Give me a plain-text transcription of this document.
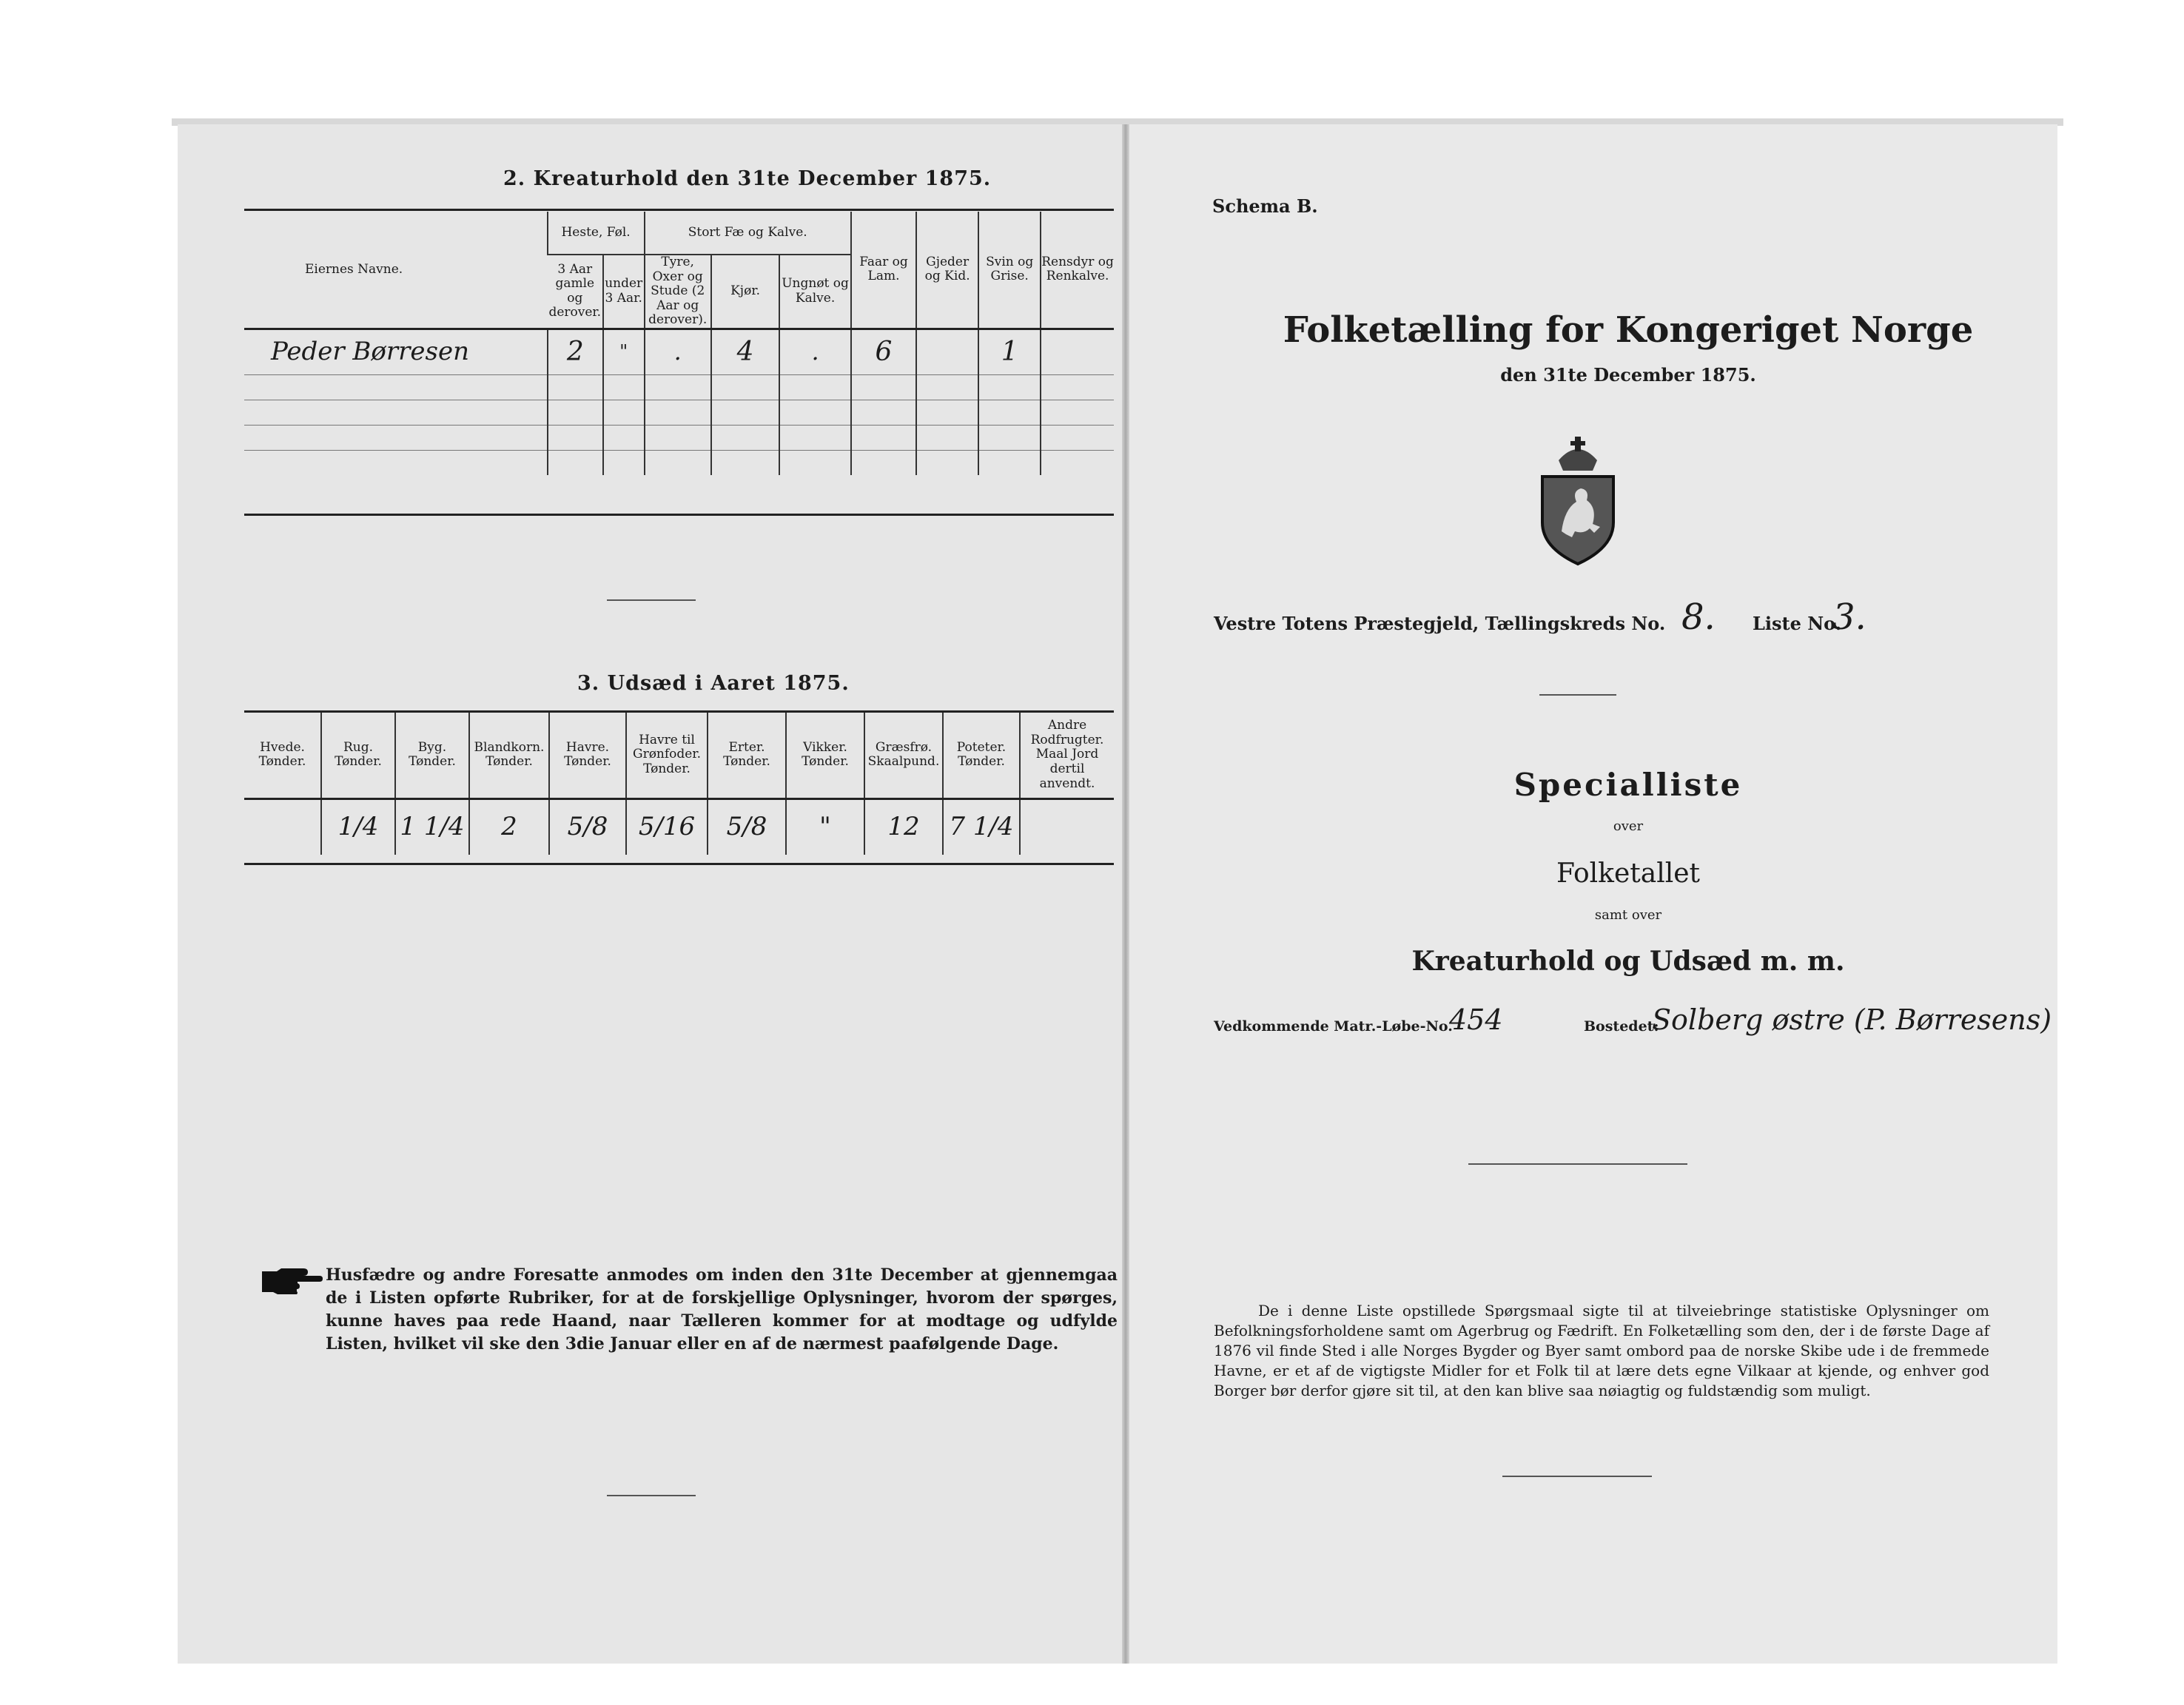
2. Kreaturhold den 31te December 1875.
Eiernes Navne.	Heste, Føl.		Stort Fæ og Kalve.			Faar og Lam.	Gjeder og Kid.	Svin og Grise.	Rensdyr og Renkalve.
	3 Aar gamle og derover.	under 3 Aar.	Tyre, Oxer og Stude (2 Aar og derover).	Kjør.	Ungnøt og Kalve.				
Peder Børresen	2	"	.	4	.	6		1	

3. Udsæd i Aaret 1875.
Hvede. Tønder.	Rug. Tønder.	Byg. Tønder.	Blandkorn. Tønder.	Havre. Tønder.	Havre til Grønfoder. Tønder.	Erter. Tønder.	Vikker. Tønder.	Græsfrø. Skaalpund.	Poteter. Tønder.	Andre Rodfrugter. Maal Jord dertil anvendt.
	1/4	1 1/4	2	5/8	5/16	5/8	"	12	7 1/4	
Husfædre og andre Foresatte anmodes om inden den 31te December at gjennemgaa de i Listen opførte Rubriker, for at de forskjellige Oplysninger, hvorom der spørges, kunne haves paa rede Haand, naar Tælleren kommer for at modtage og udfylde Listen, hvilket vil ske den 3die Januar eller en af de nærmest paafølgende Dage.
Schema B.
Folketælling for Kongeriget Norge
den 31te December 1875.
Vestre Totens Præstegjeld, Tællingskreds No. 8. Liste No.
3.
Specialliste
over
Folketallet
samt over
Kreaturhold og Udsæd m. m.
Vedkommende Matr.-Løbe-No.
454	Bostedet:
Solberg østre (P. Børresens)
De i denne Liste opstillede Spørgsmaal sigte til at tilveiebringe statistiske Oplysninger om Befolkningsforholdene samt om Agerbrug og Fædrift. En Folketælling som den, der i de første Dage af 1876 vil finde Sted i alle Norges Bygder og Byer samt ombord paa de norske Skibe ude i de fremmede Havne, er et af de vigtigste Midler for et Folk til at lære dets egne Vilkaar at kjende, og enhver god Borger bør derfor gjøre sit til, at den kan blive saa nøiagtig og fuldstændig som muligt.
